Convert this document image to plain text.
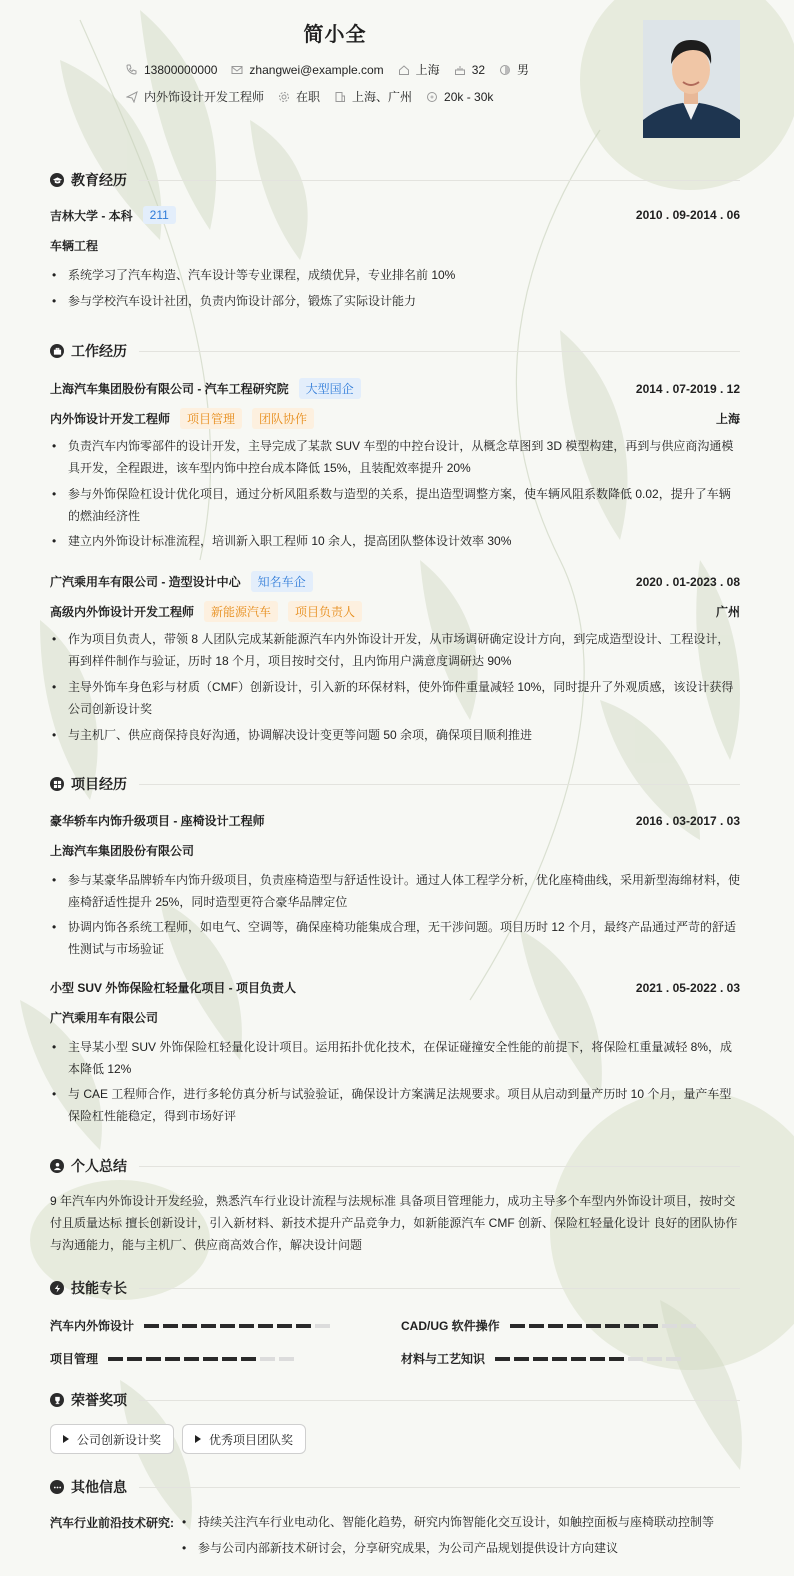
简小全
13800000000	zhangwei@example.com	上海	32	男
内外饰设计开发工程师	在职	上海、广州	20k - 30k
教育经历
吉林大学 - 本科	211	2010 . 09-2014 . 06
车辆工程
• 系统学习了汽车构造、汽车设计等专业课程，成绩优异，专业排名前 10%
• 参与学校汽车设计社团，负责内饰设计部分，锻炼了实际设计能力
工作经历
上海汽车集团股份有限公司 - 汽车工程研究院	大型国企	2014 . 07-2019 . 12
内外饰设计开发工程师	项目管理	团队协作	上海
• 负责汽车内饰零部件的设计开发，主导完成了某款 SUV 车型的中控台设计，从概念草图到 3D 模型构建，再到与供应商沟通模具开发，全程跟进，该车型内饰中控台成本降低 15%，且装配效率提升 20%
• 参与外饰保险杠设计优化项目，通过分析风阻系数与造型的关系，提出造型调整方案，使车辆风阻系数降低 0.02，提升了车辆的燃油经济性
• 建立内外饰设计标准流程，培训新入职工程师 10 余人，提高团队整体设计效率 30%
广汽乘用车有限公司 - 造型设计中心	知名车企	2020 . 01-2023 . 08
高级内外饰设计开发工程师	新能源汽车	项目负责人	广州
• 作为项目负责人，带领 8 人团队完成某新能源汽车内外饰设计开发，从市场调研确定设计方向，到完成造型设计、工程设计，再到样件制作与验证，历时 18 个月，项目按时交付，且内饰用户满意度调研达 90%
• 主导外饰车身色彩与材质（CMF）创新设计，引入新的环保材料，使外饰件重量减轻 10%，同时提升了外观质感，该设计获得公司创新设计奖
• 与主机厂、供应商保持良好沟通，协调解决设计变更等问题 50 余项，确保项目顺利推进
项目经历
豪华轿车内饰升级项目 - 座椅设计工程师	2016 . 03-2017 . 03
上海汽车集团股份有限公司
• 参与某豪华品牌轿车内饰升级项目，负责座椅造型与舒适性设计。通过人体工程学分析，优化座椅曲线，采用新型海绵材料，使座椅舒适性提升 25%，同时造型更符合豪华品牌定位
• 协调内饰各系统工程师，如电气、空调等，确保座椅功能集成合理，无干涉问题。项目历时 12 个月，最终产品通过严苛的舒适性测试与市场验证
小型 SUV 外饰保险杠轻量化项目 - 项目负责人	2021 . 05-2022 . 03
广汽乘用车有限公司
• 主导某小型 SUV 外饰保险杠轻量化设计项目。运用拓扑优化技术，在保证碰撞安全性能的前提下，将保险杠重量减轻 8%，成本降低 12%
• 与 CAE 工程师合作，进行多轮仿真分析与试验验证，确保设计方案满足法规要求。项目从启动到量产历时 10 个月，量产车型保险杠性能稳定，得到市场好评
个人总结
9 年汽车内外饰设计开发经验，熟悉汽车行业设计流程与法规标准 具备项目管理能力，成功主导多个车型内外饰设计项目，按时交付且质量达标 擅长创新设计，引入新材料、新技术提升产品竞争力，如新能源汽车 CMF 创新、保险杠轻量化设计 良好的团队协作与沟通能力，能与主机厂、供应商高效合作，解决设计问题
技能专长
汽车内外饰设计	CAD/UG 软件操作
项目管理	材料与工艺知识
荣誉奖项
公司创新设计奖	优秀项目团队奖
其他信息
汽车行业前沿技术研究:
•	持续关注汽车行业电动化、智能化趋势，研究内饰智能化交互设计，如触控面板与座椅联动控制等
• 参与公司内部新技术研讨会，分享研究成果，为公司产品规划提供设计方向建议
